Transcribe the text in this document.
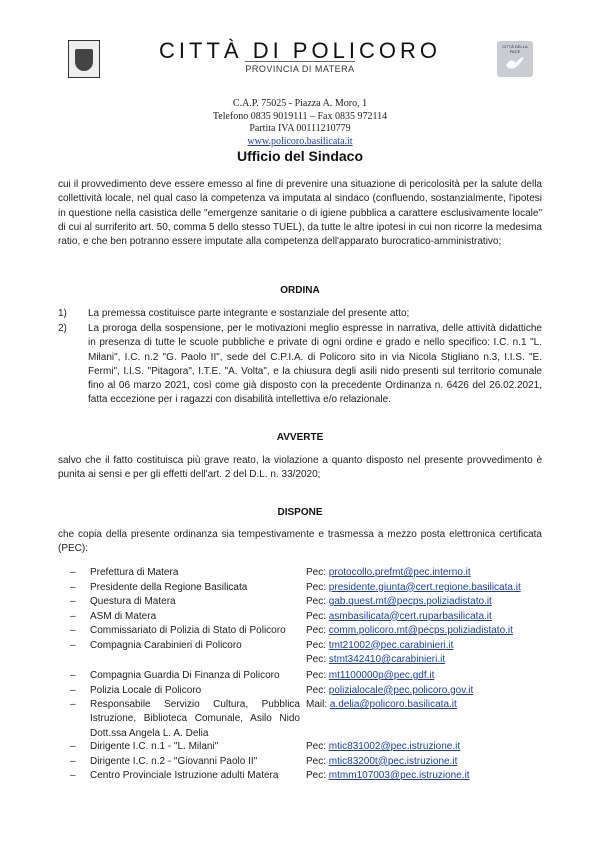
CITTÀ DI POLICORO
PROVINCIA DI MATERA
CITTÀ DELLA PACE
C.A.P. 75025 - Piazza A. Moro, 1
Telefono 0835 9019111 – Fax 0835 972114
Partita IVA 00111210779
www.policoro.basilicata.it
Ufficio del Sindaco
cui il provvedimento deve essere emesso al fine di prevenire una situazione di pericolosità per la salute della collettività locale, nel qual caso la competenza va imputata al sindaco (confluendo, sostanzialmente, l'ipotesi in questione nella casistica delle "emergenze sanitarie o di igiene pubblica a carattere esclusivamente locale" di cui al surriferito art. 50, comma 5 dello stesso TUEL), da tutte le altre ipotesi in cui non ricorre la medesima ratio, e che ben potranno essere imputate alla competenza dell'apparato burocratico-amministrativo;
ORDINA
1) La premessa costituisce parte integrante e sostanziale del presente atto;
2) La proroga della sospensione, per le motivazioni meglio espresse in narrativa, delle attività didattiche in presenza di tutte le scuole pubbliche e private di ogni ordine e grado e nello specifico: I.C. n.1 "L. Milani", I.C. n.2 "G. Paolo II", sede del C.P.I.A. di Policoro sito in via Nicola Stigliano n.3, I.I.S. "E. Fermi", I.I.S. "Pitagora", I.T.E. "A. Volta", e la chiusura degli asili nido presenti sul territorio comunale fino al 06 marzo 2021, così come già disposto con la precedente Ordinanza n. 6426 del 26.02.2021, fatta eccezione per i ragazzi con disabilità intellettiva e/o relazionale.
AVVERTE
salvo che il fatto costituisca più grave reato, la violazione a quanto disposto nel presente provvedimento è punita ai sensi e per gli effetti dell'art. 2 del D.L. n. 33/2020;
DISPONE
che copia della presente ordinanza sia tempestivamente e trasmessa a mezzo posta elettronica certificata (PEC):
– Prefettura di Matera	Pec: protocollo.prefmt@pec.interno.it
– Presidente della Regione Basilicata	Pec: presidente.giunta@cert.regione.basilicata.it
– Questura di Matera	Pec: gab.quest.mt@pecps.poliziadistato.it
– ASM di Matera	Pec: asmbasilicata@cert.ruparbasilicata.it
– Commissariato di Polizia di Stato di Policoro	Pec: comm.policoro.mt@pecps.poliziadistato.it
– Compagnia Carabinieri di Policoro	Pec: tmt21002@pec.carabinieri.it
Pec: stmt342410@carabinieri.it
– Compagnia Guardia Di Finanza di Policoro	Pec: mt1100000p@pec.gdf.it
– Polizia Locale di Policoro	Pec: polizialocale@pec.policoro.gov.it
– Responsabile Servizio Cultura, Pubblica Istruzione, Biblioteca Comunale, Asilo Nido Dott.ssa Angela L. A. Delia
Mail: a.delia@policoro.basilicata.it
– Dirigente I.C. n.1 - "L. Milani"	Pec: mtic831002@pec.istruzione.it
– Dirigente I.C. n.2 - "Giovanni Paolo II"	Pec: mtic83200t@pec.istruzione.it
– Centro Provinciale Istruzione adulti Matera	Pec: mtmm107003@pec.istruzione.it
